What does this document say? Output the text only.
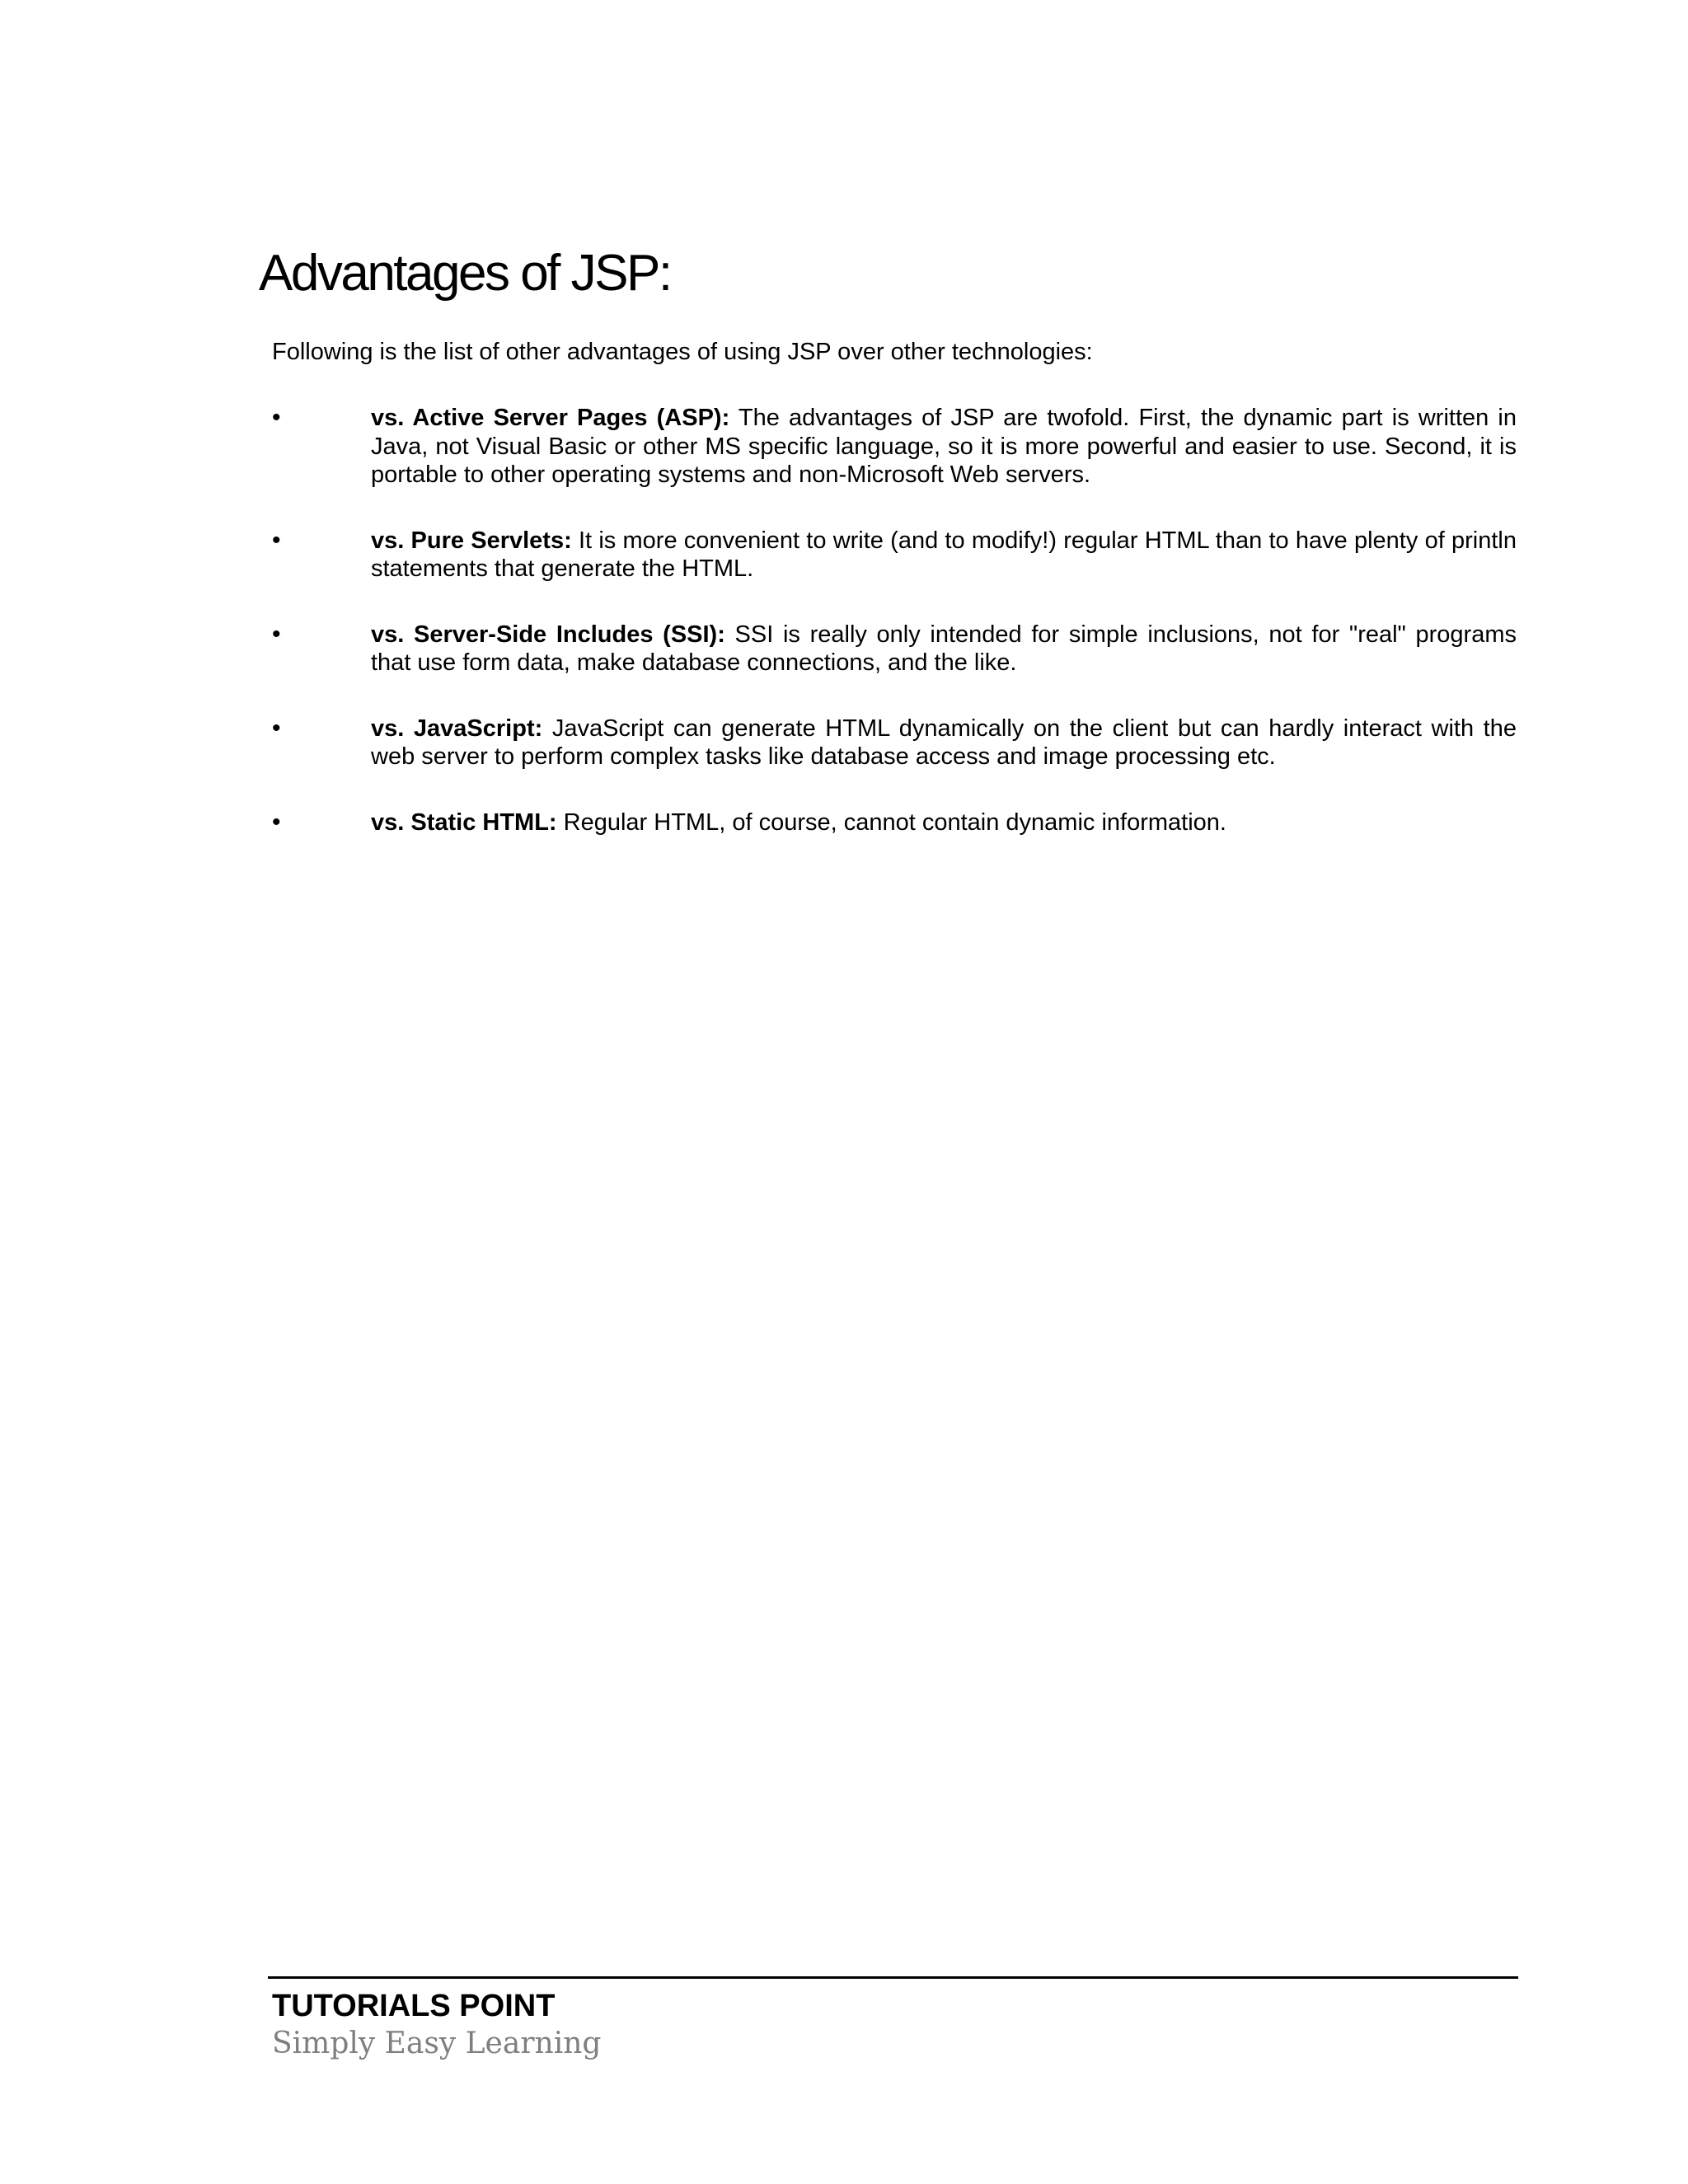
Advantages of JSP:

Following is the list of other advantages of using JSP over other technologies:

•	vs. Active Server Pages (ASP): The advantages of JSP are twofold. First, the dynamic part is written in Java, not Visual Basic or other MS specific language, so it is more powerful and easier to use. Second, it is portable to other operating systems and non-Microsoft Web servers.
•	vs. Pure Servlets: It is more convenient to write (and to modify!) regular HTML than to have plenty of println statements that generate the HTML.
•	vs. Server-Side Includes (SSI): SSI is really only intended for simple inclusions, not for "real" programs that use form data, make database connections, and the like.
•	vs. JavaScript: JavaScript can generate HTML dynamically on the client but can hardly interact with the web server to perform complex tasks like database access and image processing etc.
•	vs. Static HTML: Regular HTML, of course, cannot contain dynamic information.
TUTORIALS POINT
Simply Easy Learning
